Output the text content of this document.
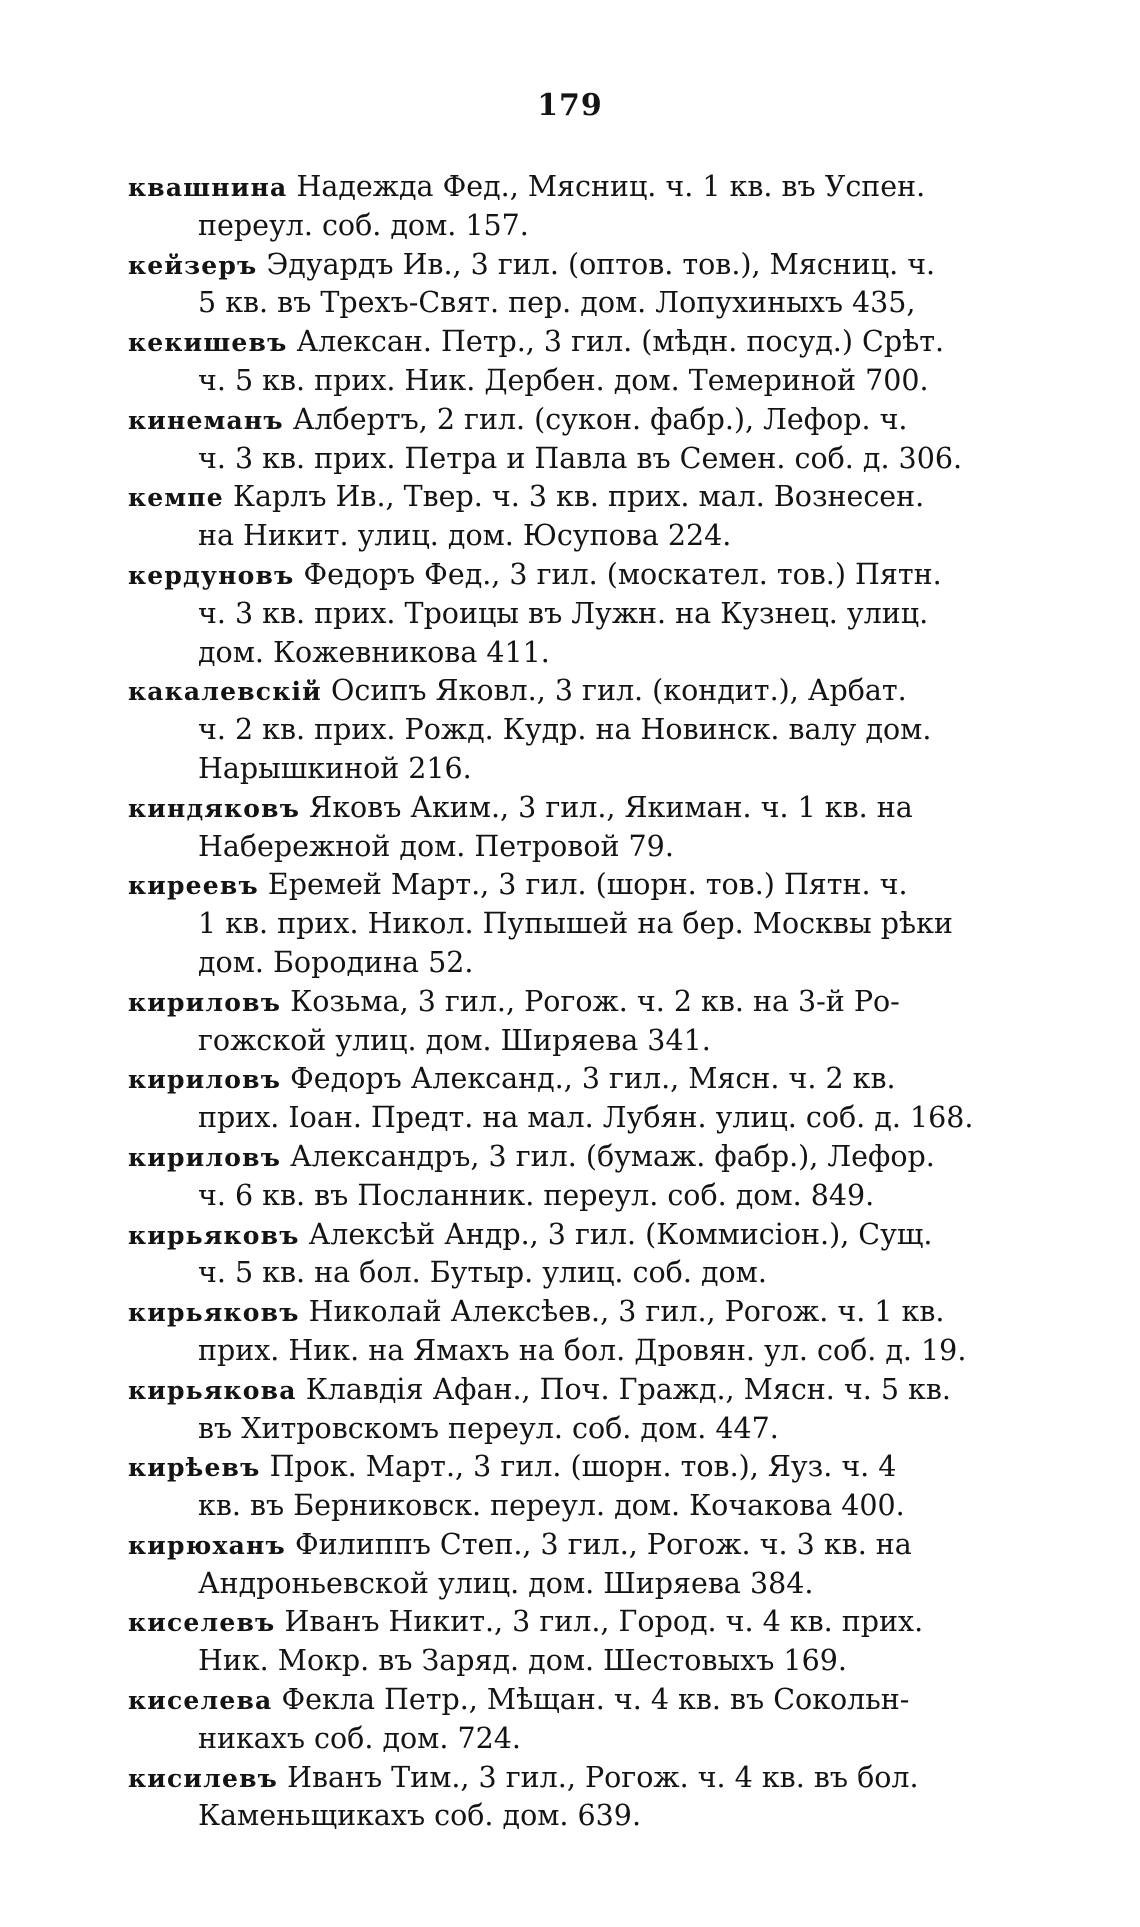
179
квашнина Надежда Фед., Мясниц. ч. 1 кв. въ Успен.
переул. соб. дом. 157.
кейзеръ Эдуардъ Ив., 3 гил. (оптов. тов.), Мясниц. ч.
5 кв. въ Трехъ-Свят. пер. дом. Лопухиныхъ 435,
кекишевъ Алексан. Петр., 3 гил. (мѣдн. посуд.) Срѣт.
ч. 5 кв. прих. Ник. Дербен. дом. Темериной 700.
кинеманъ Албертъ, 2 гил. (сукон. фабр.), Лефор. ч.
ч. 3 кв. прих. Петра и Павла въ Семен. соб. д. 306.
кемпе Карлъ Ив., Твер. ч. 3 кв. прих. мал. Вознесен.
на Никит. улиц. дом. Юсупова 224.
кердуновъ Федоръ Фед., 3 гил. (москател. тов.) Пятн.
ч. 3 кв. прих. Троицы въ Лужн. на Кузнец. улиц.
дом. Кожевникова 411.
какалевскій Осипъ Яковл., 3 гил. (кондит.), Арбат.
ч. 2 кв. прих. Рожд. Кудр. на Новинск. валу дом.
Нарышкиной 216.
киндяковъ Яковъ Аким., 3 гил., Якиман. ч. 1 кв. на
Набережной дом. Петровой 79.
киреевъ Еремей Март., 3 гил. (шорн. тов.) Пятн. ч.
1 кв. прих. Никол. Пупышей на бер. Москвы рѣки
дом. Бородина 52.
кириловъ Козьма, 3 гил., Рогож. ч. 2 кв. на 3-й Ро-
гожской улиц. дом. Ширяева 341.
кириловъ Федоръ Александ., 3 гил., Мясн. ч. 2 кв.
прих. Іоан. Предт. на мал. Лубян. улиц. соб. д. 168.
кириловъ Александръ, 3 гил. (бумаж. фабр.), Лефор.
ч. 6 кв. въ Посланник. переул. соб. дом. 849.
кирьяковъ Алексѣй Андр., 3 гил. (Коммисіон.), Сущ.
ч. 5 кв. на бол. Бутыр. улиц. соб. дом.
кирьяковъ Николай Алексѣев., 3 гил., Рогож. ч. 1 кв.
прих. Ник. на Ямахъ на бол. Дровян. ул. соб. д. 19.
кирьякова Клавдія Афан., Поч. Гражд., Мясн. ч. 5 кв.
въ Хитровскомъ переул. соб. дом. 447.
кирѣевъ Прок. Март., 3 гил. (шорн. тов.), Яуз. ч. 4
кв. въ Берниковск. переул. дом. Кочакова 400.
кирюханъ Филиппъ Степ., 3 гил., Рогож. ч. 3 кв. на
Андроньевской улиц. дом. Ширяева 384.
киселевъ Иванъ Никит., 3 гил., Город. ч. 4 кв. прих.
Ник. Мокр. въ Заряд. дом. Шестовыхъ 169.
киселева Фекла Петр., Мѣщан. ч. 4 кв. въ Сокольн-
никахъ соб. дом. 724.
кисилевъ Иванъ Тим., 3 гил., Рогож. ч. 4 кв. въ бол.
Каменьщикахъ соб. дом. 639.
